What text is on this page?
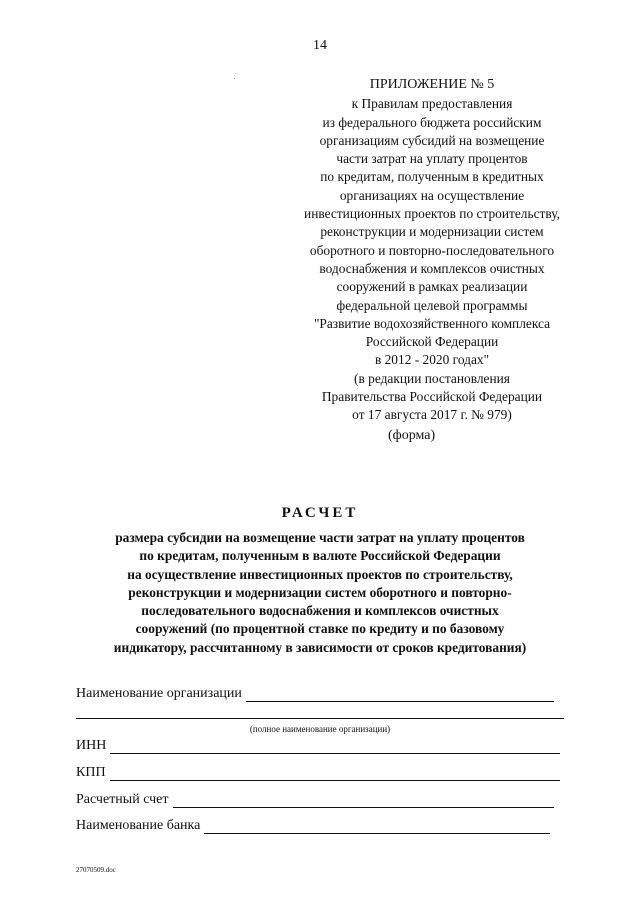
14
ПРИЛОЖЕНИЕ № 5
к Правилам предоставления
из федерального бюджета российским
организациям субсидий на возмещение
части затрат на уплату процентов
по кредитам, полученным в кредитных
организациях на осуществление
инвестиционных проектов по строительству,
реконструкции и модернизации систем
оборотного и повторно-последовательного
водоснабжения и комплексов очистных
сооружений в рамках реализации
федеральной целевой программы
"Развитие водохозяйственного комплекса
Российской Федерации
в 2012 - 2020 годах"
(в редакции постановления
Правительства Российской Федерации
от 17 августа 2017 г. № 979)
(форма)
РАСЧЕТ
размера субсидии на возмещение части затрат на уплату процентов
по кредитам, полученным в валюте Российской Федерации
на осуществление инвестиционных проектов по строительству,
реконструкции и модернизации систем оборотного и повторно-
последовательного водоснабжения и комплексов очистных
сооружений (по процентной ставке по кредиту и по базовому
индикатору, рассчитанному в зависимости от сроков кредитования)
Наименование организации
(полное наименование организации)
ИНН
КПП
Расчетный счет
Наименование банка
27070509.doc
